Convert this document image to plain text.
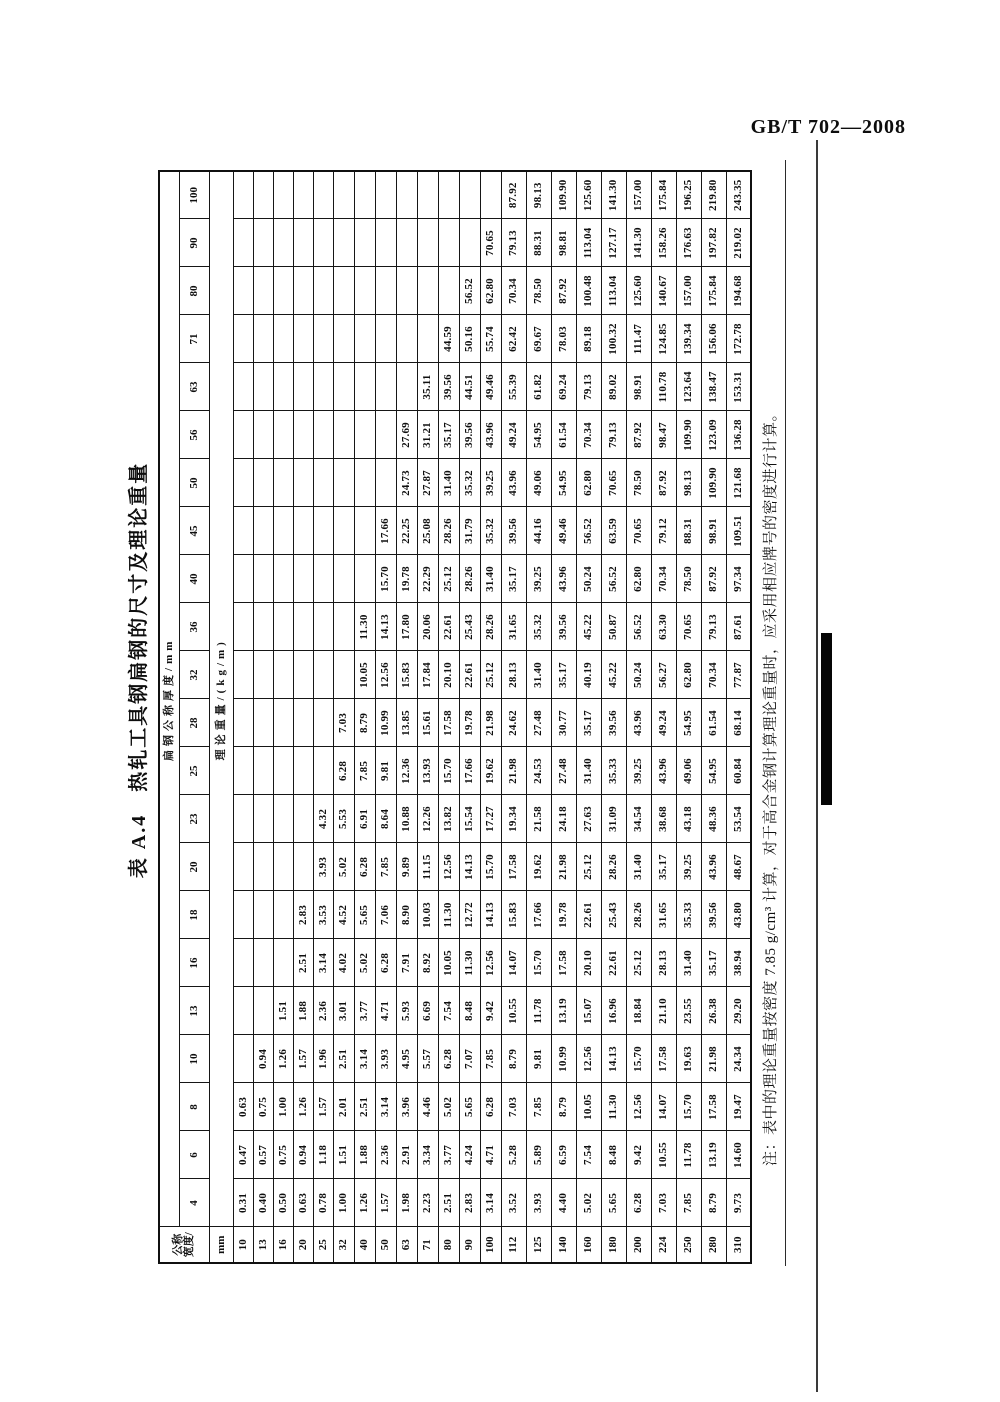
GB/T 702—2008
表 A.4　热轧工具钢扁钢的尺寸及理论重量
公称
宽度/	扁钢公称厚度/mm																					
	4	6	8	10	13	16	18	20	23	25	28	32	36	40	45	50	56	63	71	80	90	100
mm	理论重量/(kg/m)																					
10	0.31	0.47	0.63																			
13	0.40	0.57	0.75	0.94																		
16	0.50	0.75	1.00	1.26	1.51																	
20	0.63	0.94	1.26	1.57	1.88	2.51	2.83															
25	0.78	1.18	1.57	1.96	2.36	3.14	3.53	3.93	4.32													
32	1.00	1.51	2.01	2.51	3.01	4.02	4.52	5.02	5.53	6.28	7.03											
40	1.26	1.88	2.51	3.14	3.77	5.02	5.65	6.28	6.91	7.85	8.79	10.05	11.30									
50	1.57	2.36	3.14	3.93	4.71	6.28	7.06	7.85	8.64	9.81	10.99	12.56	14.13	15.70	17.66							
63	1.98	2.91	3.96	4.95	5.93	7.91	8.90	9.89	10.88	12.36	13.85	15.83	17.80	19.78	22.25	24.73	27.69					
71	2.23	3.34	4.46	5.57	6.69	8.92	10.03	11.15	12.26	13.93	15.61	17.84	20.06	22.29	25.08	27.87	31.21	35.11				
80	2.51	3.77	5.02	6.28	7.54	10.05	11.30	12.56	13.82	15.70	17.58	20.10	22.61	25.12	28.26	31.40	35.17	39.56	44.59			
90	2.83	4.24	5.65	7.07	8.48	11.30	12.72	14.13	15.54	17.66	19.78	22.61	25.43	28.26	31.79	35.32	39.56	44.51	50.16	56.52		
100	3.14	4.71	6.28	7.85	9.42	12.56	14.13	15.70	17.27	19.62	21.98	25.12	28.26	31.40	35.32	39.25	43.96	49.46	55.74	62.80	70.65	
112	3.52	5.28	7.03	8.79	10.55	14.07	15.83	17.58	19.34	21.98	24.62	28.13	31.65	35.17	39.56	43.96	49.24	55.39	62.42	70.34	79.13	87.92
125	3.93	5.89	7.85	9.81	11.78	15.70	17.66	19.62	21.58	24.53	27.48	31.40	35.32	39.25	44.16	49.06	54.95	61.82	69.67	78.50	88.31	98.13
140	4.40	6.59	8.79	10.99	13.19	17.58	19.78	21.98	24.18	27.48	30.77	35.17	39.56	43.96	49.46	54.95	61.54	69.24	78.03	87.92	98.81	109.90
160	5.02	7.54	10.05	12.56	15.07	20.10	22.61	25.12	27.63	31.40	35.17	40.19	45.22	50.24	56.52	62.80	70.34	79.13	89.18	100.48	113.04	125.60
180	5.65	8.48	11.30	14.13	16.96	22.61	25.43	28.26	31.09	35.33	39.56	45.22	50.87	56.52	63.59	70.65	79.13	89.02	100.32	113.04	127.17	141.30
200	6.28	9.42	12.56	15.70	18.84	25.12	28.26	31.40	34.54	39.25	43.96	50.24	56.52	62.80	70.65	78.50	87.92	98.91	111.47	125.60	141.30	157.00
224	7.03	10.55	14.07	17.58	21.10	28.13	31.65	35.17	38.68	43.96	49.24	56.27	63.30	70.34	79.12	87.92	98.47	110.78	124.85	140.67	158.26	175.84
250	7.85	11.78	15.70	19.63	23.55	31.40	35.33	39.25	43.18	49.06	54.95	62.80	70.65	78.50	88.31	98.13	109.90	123.64	139.34	157.00	176.63	196.25
280	8.79	13.19	17.58	21.98	26.38	35.17	39.56	43.96	48.36	54.95	61.54	70.34	79.13	87.92	98.91	109.90	123.09	138.47	156.06	175.84	197.82	219.80
310	9.73	14.60	19.47	24.34	29.20	38.94	43.80	48.67	53.54	60.84	68.14	77.87	87.61	97.34	109.51	121.68	136.28	153.31	172.78	194.68	219.02	243.35
注：表中的理论重量按密度 7.85 g/cm³ 计算，对于高合金钢计算理论重量时，应采用相应牌号的密度进行计算。
